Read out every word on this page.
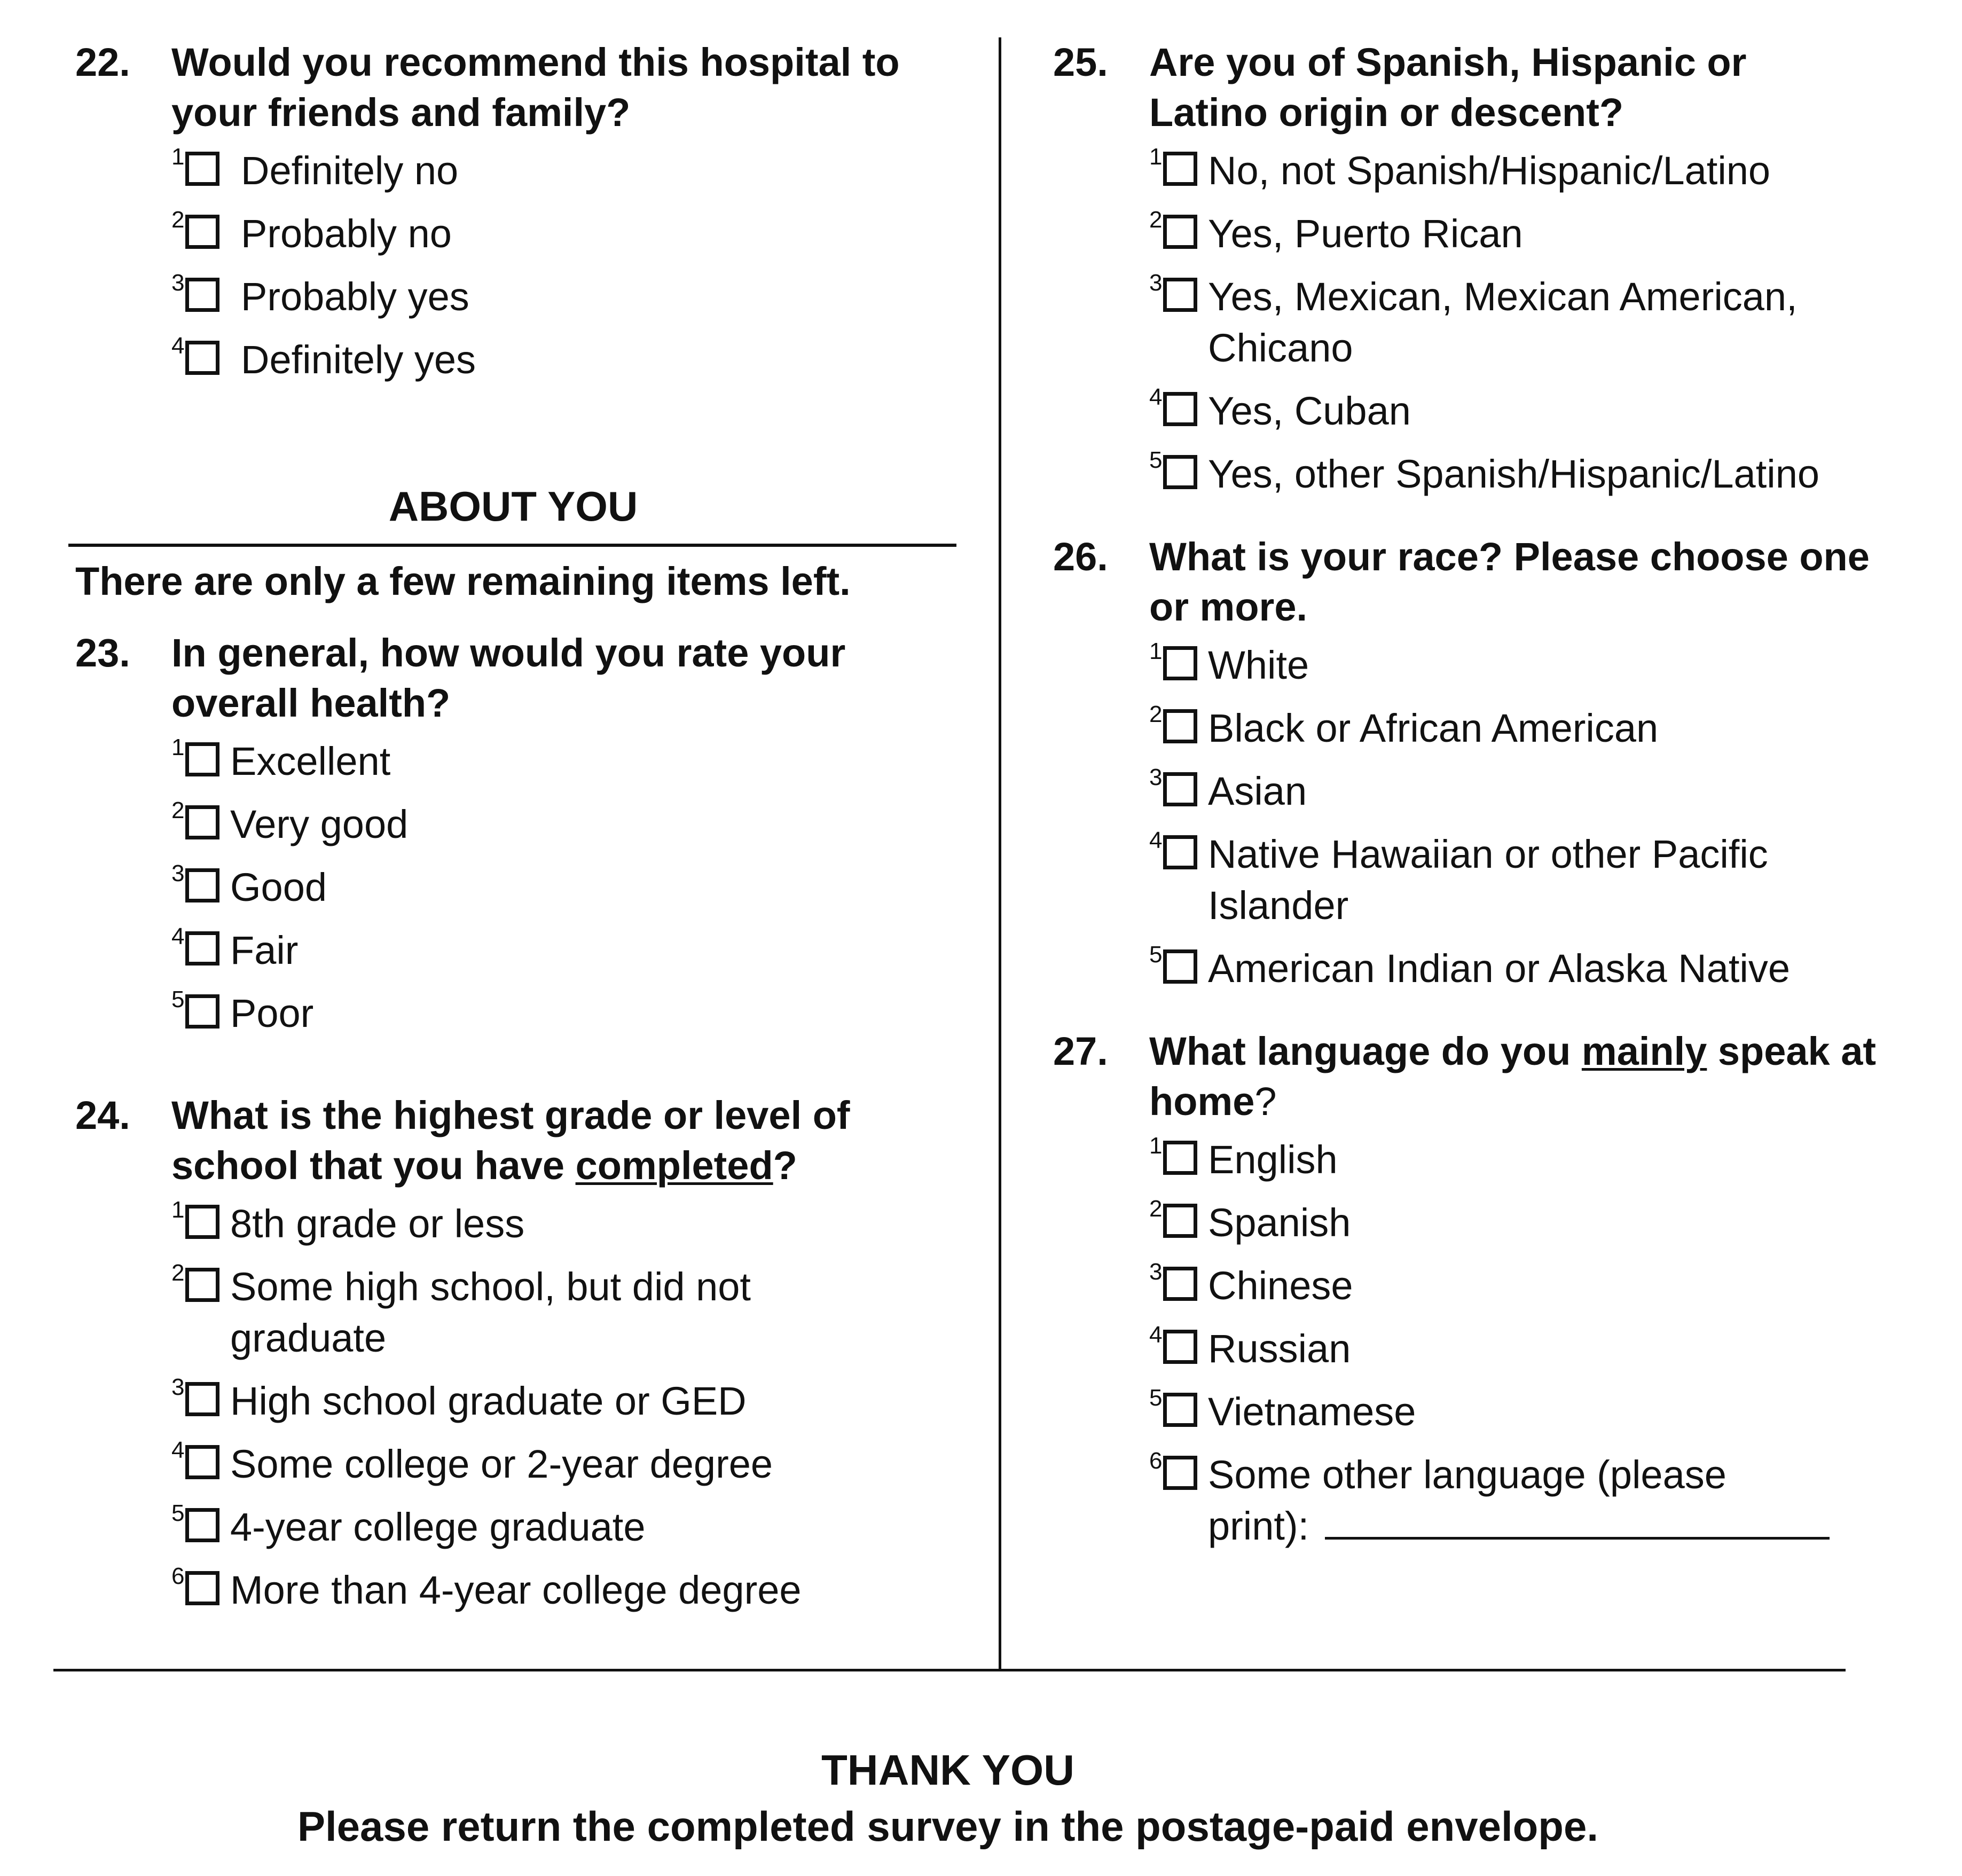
22.	Would you recommend this hospital to your friends and family?
1 Definitely no
2 Probably no
3 Probably yes
4 Definitely yes
ABOUT YOU
There are only a few remaining items left.
23.	In general, how would you rate your overall health?
1 Excellent
2 Very good
3 Good
4 Fair
5 Poor
24.	What is the highest grade or level of school that you have completed?
1 8th grade or less
2 Some high school, but did not graduate
3 High school graduate or GED
4 Some college or 2-year degree
5 4-year college graduate
6 More than 4-year college degree
25.	Are you of Spanish, Hispanic or Latino origin or descent?
1 No, not Spanish/Hispanic/Latino
2 Yes, Puerto Rican
3 Yes, Mexican, Mexican American, Chicano
4 Yes, Cuban
5 Yes, other Spanish/Hispanic/Latino
26.	What is your race? Please choose one or more.
1 White
2 Black or African American
3 Asian
4 Native Hawaiian or other Pacific Islander
5 American Indian or Alaska Native
27.	What language do you mainly speak at home?
1 English
2 Spanish
3 Chinese
4 Russian
5 Vietnamese
6 Some other language (please print):
THANK YOU
Please return the completed survey in the postage-paid envelope.
